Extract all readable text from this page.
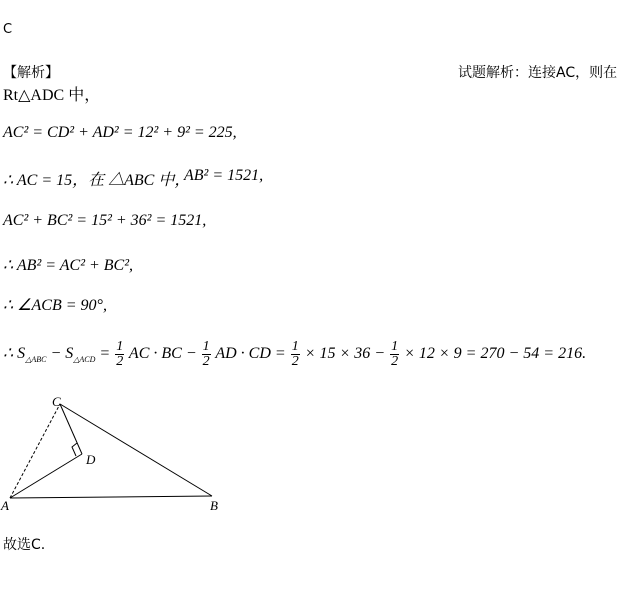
C
【解析】	试题解析：连接AC，则在
Rt△ADC 中，
AC² = CD² + AD² = 12² + 9² = 225,
∴ AC = 15，在 △ABC 中，
AB² = 1521,
AC² + BC² = 15² + 36² = 1521,
∴ AB² = AC² + BC²,
∴ ∠ACB = 90°,
∴ $S_{\triangle ABC} - S_{\triangle ACD} = \frac{1}{2}$ AC · BC − $\frac{1}{2}$ AD · CD = $\frac{1}{2} \times 15 \times 36 - \frac{1}{2} \times 12 \times 9 = 270 - 54 = 216$.
C
D
A	B
故选C.
